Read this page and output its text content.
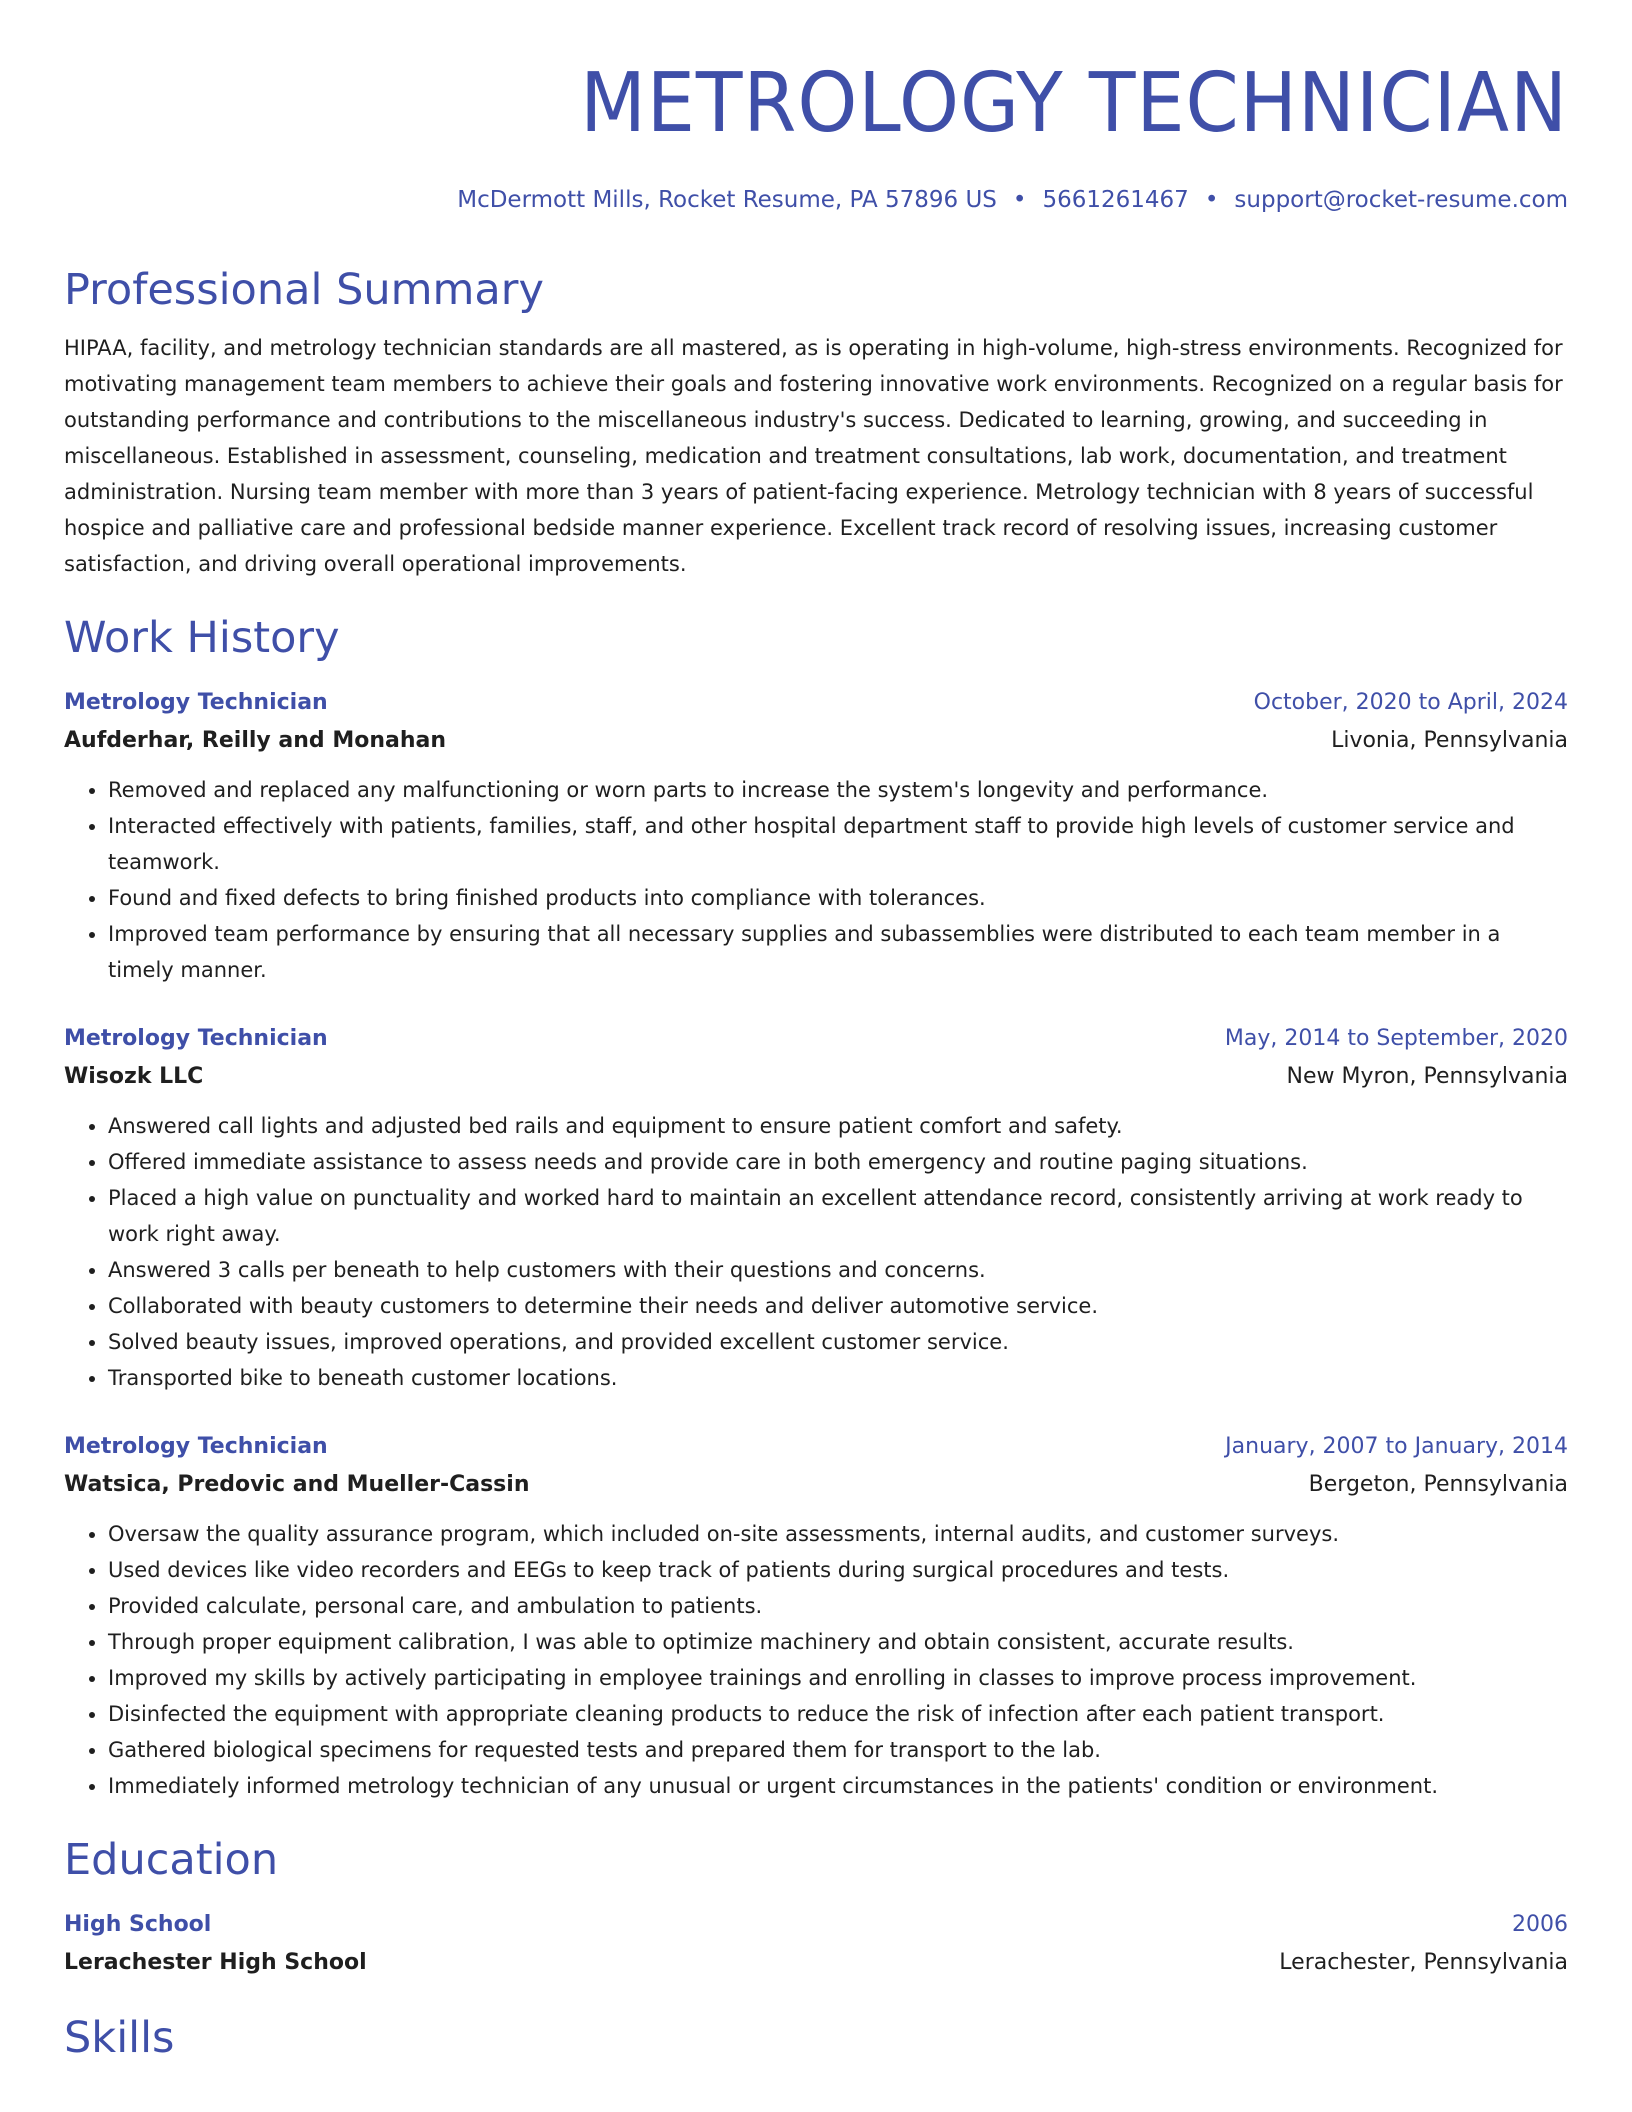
METROLOGY TECHNICIAN
McDermott Mills, Rocket Resume, PA 57896 US • 5661261467 • support@rocket-resume.com
Professional Summary
HIPAA, facility, and metrology technician standards are all mastered, as is operating in high-volume, high-stress environments. Recognized for motivating management team members to achieve their goals and fostering innovative work environments. Recognized on a regular basis for outstanding performance and contributions to the miscellaneous industry's success. Dedicated to learning, growing, and succeeding in miscellaneous. Established in assessment, counseling, medication and treatment consultations, lab work, documentation, and treatment administration. Nursing team member with more than 3 years of patient-facing experience. Metrology technician with 8 years of successful hospice and palliative care and professional bedside manner experience. Excellent track record of resolving issues, increasing customer satisfaction, and driving overall operational improvements.
Work History
Metrology Technician	October, 2020 to April, 2024
Aufderhar, Reilly and Monahan	Livonia, Pennsylvania
• Removed and replaced any malfunctioning or worn parts to increase the system's longevity and performance.
• Interacted effectively with patients, families, staff, and other hospital department staff to provide high levels of customer service and teamwork.
• Found and fixed defects to bring finished products into compliance with tolerances.
• Improved team performance by ensuring that all necessary supplies and subassemblies were distributed to each team member in a timely manner.
Metrology Technician	May, 2014 to September, 2020
Wisozk LLC	New Myron, Pennsylvania
• Answered call lights and adjusted bed rails and equipment to ensure patient comfort and safety.
• Offered immediate assistance to assess needs and provide care in both emergency and routine paging situations.
• Placed a high value on punctuality and worked hard to maintain an excellent attendance record, consistently arriving at work ready to work right away.
• Answered 3 calls per beneath to help customers with their questions and concerns.
• Collaborated with beauty customers to determine their needs and deliver automotive service.
• Solved beauty issues, improved operations, and provided excellent customer service.
• Transported bike to beneath customer locations.
Metrology Technician	January, 2007 to January, 2014
Watsica, Predovic and Mueller-Cassin	Bergeton, Pennsylvania
• Oversaw the quality assurance program, which included on-site assessments, internal audits, and customer surveys.
• Used devices like video recorders and EEGs to keep track of patients during surgical procedures and tests.
• Provided calculate, personal care, and ambulation to patients.
• Through proper equipment calibration, I was able to optimize machinery and obtain consistent, accurate results.
• Improved my skills by actively participating in employee trainings and enrolling in classes to improve process improvement.
• Disinfected the equipment with appropriate cleaning products to reduce the risk of infection after each patient transport.
• Gathered biological specimens for requested tests and prepared them for transport to the lab.
• Immediately informed metrology technician of any unusual or urgent circumstances in the patients' condition or environment.
Education
High School	2006
Lerachester High School	Lerachester, Pennsylvania
Skills
